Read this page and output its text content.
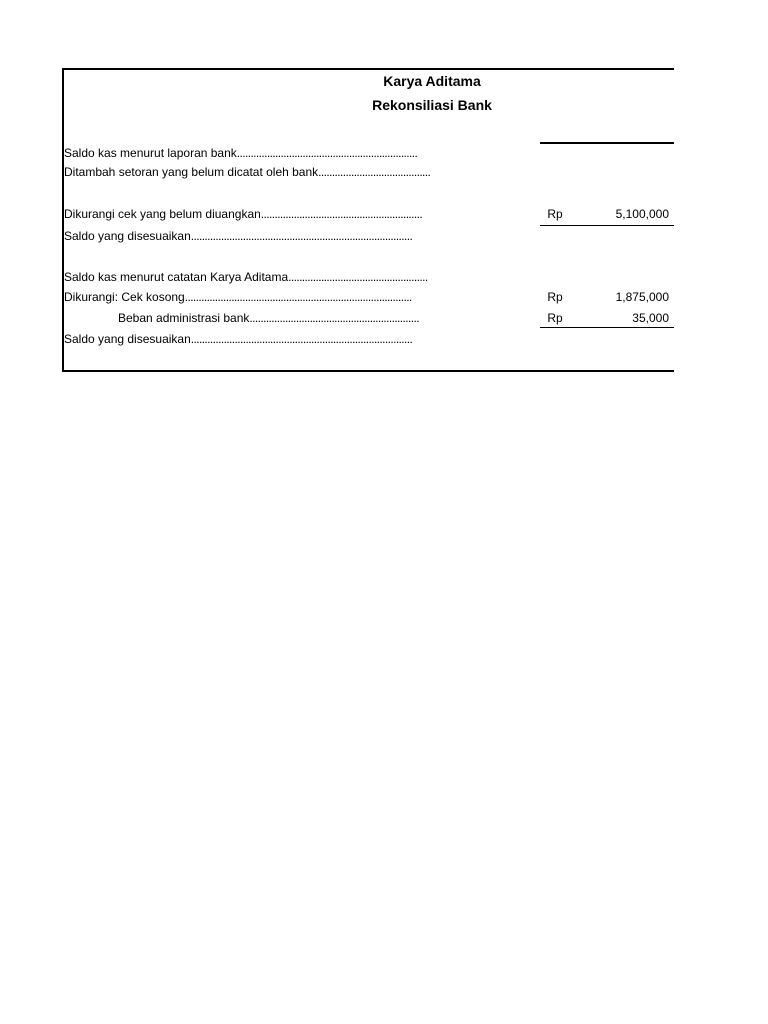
Karya Aditama
Rekonsiliasi Bank
Saldo kas menurut laporan bank..................................................................
Ditambah setoran yang belum dicatat oleh bank.........................................
Dikurangi cek yang belum diuangkan...........................................................	Rp	5,100,000
Saldo yang disesuaikan.................................................................................
Saldo kas menurut catatan Karya Aditama...................................................
Dikurangi: Cek kosong...................................................................................	Rp	1,875,000
Beban administrasi bank..............................................................	Rp	35,000
Saldo yang disesuaikan.................................................................................
